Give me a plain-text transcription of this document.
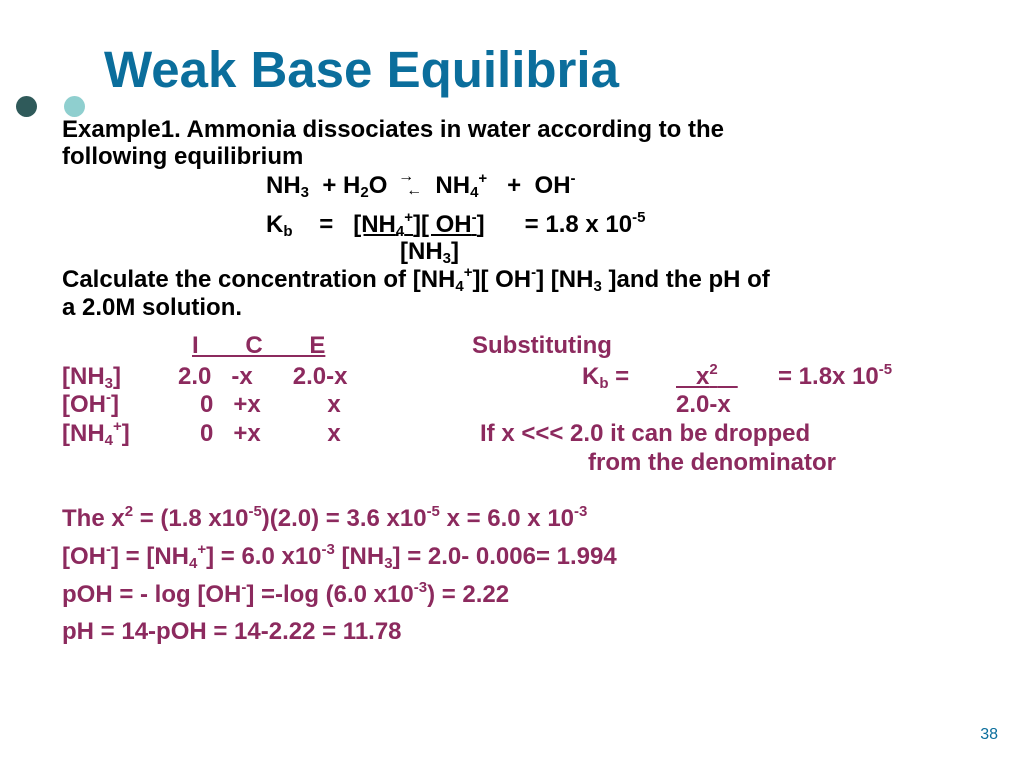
Weak Base Equilibria
Example1. Ammonia dissociates in water according to the
following equilibrium
$NH_3 + H_2O$ →
← $NH_4^+ + OH^-$
$K_b$    =   $[NH_4^+]$[ OH-] = 1.8 x $10^{-5}$
$[NH_3]$
Calculate the concentration of $[NH_4^+]$[ OH-] [$NH_3$ ]and the pH of
a 2.0M solution.
I       C       E	Substituting
$[NH_3]$ 2.0   -x      2.0-x	$K_b = x^2$	= 1.8x $10^{-5}$
[OH-]	0   +x          x	2.0-x
$[NH_4^+]$	0   +x          x	If x <<< 2.0 it can be dropped
from the denominator
The $x^2 = (1.8$ $x10^{-5})(2.0) = 3.6$ $x10^{-5}$ x = 6.0 x $10^{-3}$
$[OH^-] = [NH_4^+] = 6.0$ $x10^{-3}$ $[NH_3] = 2.0-$ 0.006= 1.994
pOH = - log [OH-] =-log (6.0 $x10^{-3}) = 2.22$
pH = 14-pOH = 14-2.22 = 11.78
38
